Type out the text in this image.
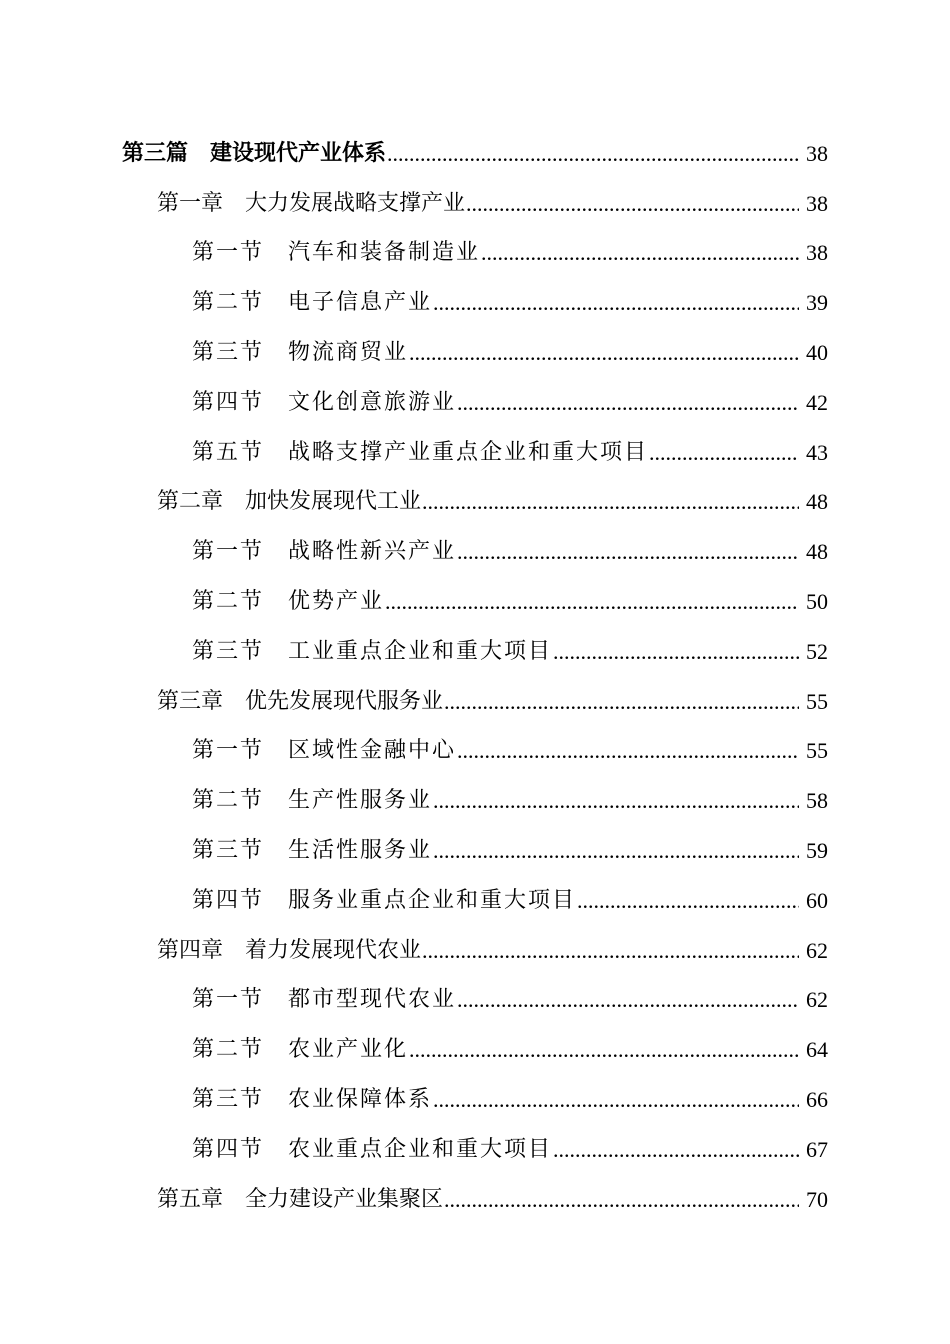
第三篇　建设现代产业体系 .....	38
第一章　大力发展战略支撑产业 .....	38
第一节　汽车和装备制造业 .....	38
第二节　电子信息产业 .....	39
第三节　物流商贸业 .....	40
第四节　文化创意旅游业 .....	42
第五节　战略支撑产业重点企业和重大项目 .....	43
第二章　加快发展现代工业 .....	48
第一节　战略性新兴产业 .....	48
第二节　优势产业 .....	50
第三节　工业重点企业和重大项目 .....	52
第三章　优先发展现代服务业 .....	55
第一节　区域性金融中心 .....	55
第二节　生产性服务业 .....	58
第三节　生活性服务业 .....	59
第四节　服务业重点企业和重大项目 .....	60
第四章　着力发展现代农业 .....	62
第一节　都市型现代农业 .....	62
第二节　农业产业化 .....	64
第三节　农业保障体系 .....	66
第四节　农业重点企业和重大项目 .....	67
第五章　全力建设产业集聚区 .....	70
